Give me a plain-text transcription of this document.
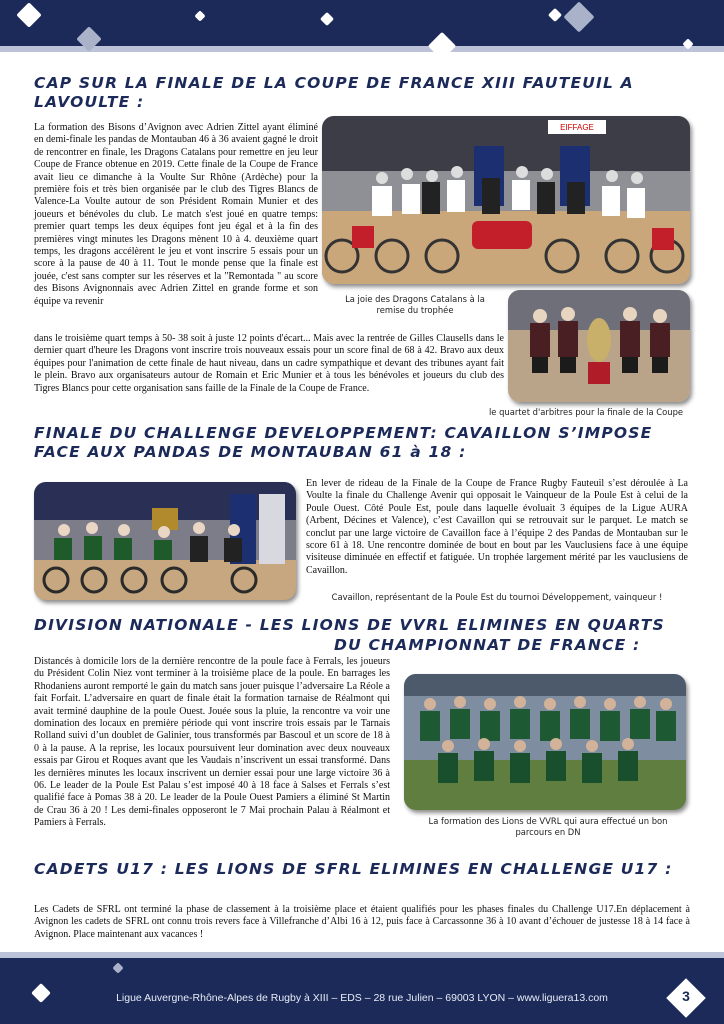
CAP SUR LA FINALE DE LA COUPE DE FRANCE XIII FAUTEUIL A LAVOULTE :

La formation des Bisons d’Avignon avec Adrien Zittel ayant éliminé en demi-finale les pandas de Montauban 46 à 36 avaient gagné le droit de rencontrer en finale, les Dragons Catalans pour remettre en jeu leur Coupe de France obtenue en 2019. Cette finale de la Coupe de France avait lieu ce dimanche à la Voulte Sur Rhône (Ardèche) pour la première fois et très bien organisée par le club des Tigres Blancs de Valence-La Voulte autour de son Président Romain Munier et des joueurs et bénévoles du club. Le match s'est joué en quatre temps: premier quart temps les deux équipes font jeu égal et à la fin des premières vingt minutes les Dragons mènent 10 à 4. deuxième quart temps, les dragons accélèrent le jeu et vont inscrire 5 essais pour un score à la pause de 40 à 11. Tout le monde pense que la finale est jouée, c'est sans compter sur les réserves et la "Remontada " au score des Bisons Avignonnais avec Adrien Zittel en grande forme et son équipe va revenir

EIFFAGE
La joie des Dragons Catalans à la remise du trophée

dans le troisième quart temps à 50- 38 soit à juste 12 points d'écart... Mais avec la rentrée de Gilles Clausells dans le dernier quart d'heure les Dragons vont inscrire trois nouveaux essais pour un score final de 68 à 42. Bravo aux deux équipes pour l'animation de cette finale de haut niveau, dans un cadre sympathique et devant des tribunes ayant fait le plein. Bravo aux organisateurs autour de Romain et Eric Munier et à tous les bénévoles et joueurs du club des Tigres Blancs pour cette organisation sans faille de la Finale de la Coupe de France.

le quartet d'arbitres pour la finale de la Coupe
FINALE DU CHALLENGE DEVELOPPEMENT: CAVAILLON S’IMPOSE FACE AUX PANDAS DE MONTAUBAN 61 à 18 :

En lever de rideau de la Finale de la Coupe de France Rugby Fauteuil s’est déroulée à La Voulte la finale du Challenge Avenir qui opposait le Vainqueur de la Poule Est à celui de la Poule Ouest. Côté Poule Est, poule dans laquelle évoluait 3 équipes de la Ligue AURA (Arbent, Décines et Valence), c’est Cavaillon qui se retrouvait sur le parquet. Le match se conclut par une large victoire de Cavaillon face à l’équipe 2 des Pandas de Montauban sur le score 61 à 18. Une rencontre dominée de bout en bout par les Vauclusiens face à une équipe visiteuse diminuée en effectif et fatiguée. Un trophée largement mérité par les vauclusiens de Cavaillon.

Cavaillon, représentant de la Poule Est du tournoi Développement, vainqueur !
DIVISION NATIONALE - LES LIONS DE VVRL ELIMINES EN QUARTS
DU CHAMPIONNAT DE FRANCE :

Distancés à domicile lors de la dernière rencontre de la poule face à Ferrals, les joueurs du Président Colin Niez vont terminer à la troisième place de la poule. En barrages les Rhodaniens auront remporté le gain du match sans jouer puisque l’adversaire La Réole a fait Forfait. L’adversaire en quart de finale était la formation tarnaise de Réalmont qui avait terminé dauphine de la poule Ouest. Jouée sous la pluie, la rencontre va voir une domination des locaux en première période qui vont inscrire trois essais par le Tarnais Rolland suivi d’un doublet de Galinier, tous transformés par Bascoul et un score de 18 à 0 à la pause. A la reprise, les locaux poursuivent leur domination avec deux nouveaux essais par Girou et Roques avant que les Vaudais n’inscrivent un essai transformé. Dans les dernières minutes les locaux inscrivent un dernier essai pour une large victoire 36 à 06. Le leader de la Poule Est Palau s’est imposé 40 à 18 face à Salses et Ferrals s’est qualifié face à Pomas 38 à 20. Le leader de la Poule Ouest Pamiers a éliminé St Martin de Crau 36 à 20 ! Les demi-finales opposeront le 7 Mai prochain Palau à Réalmont et Pamiers à Ferrals.	La formation des Lions de VVRL qui aura effectué un bon parcours en DN
CADETS U17 : LES LIONS DE SFRL ELIMINES EN CHALLENGE U17 :

Les Cadets de SFRL ont terminé la phase de classement à la troisième place et étaient qualifiés pour les phases finales du Challenge U17.En déplacement à Avignon les cadets de SFRL ont connu trois revers face à Villefranche d’Albi 16 à 12, puis face à Carcassonne 36 à 10 avant d’échouer de justesse 18 à 14 face à Avignon. Place maintenant aux vacances !

Ligue Auvergne-Rhône-Alpes de Rugby à XIII – EDS – 28 rue Julien – 69003 LYON – www.liguera13.com	3
